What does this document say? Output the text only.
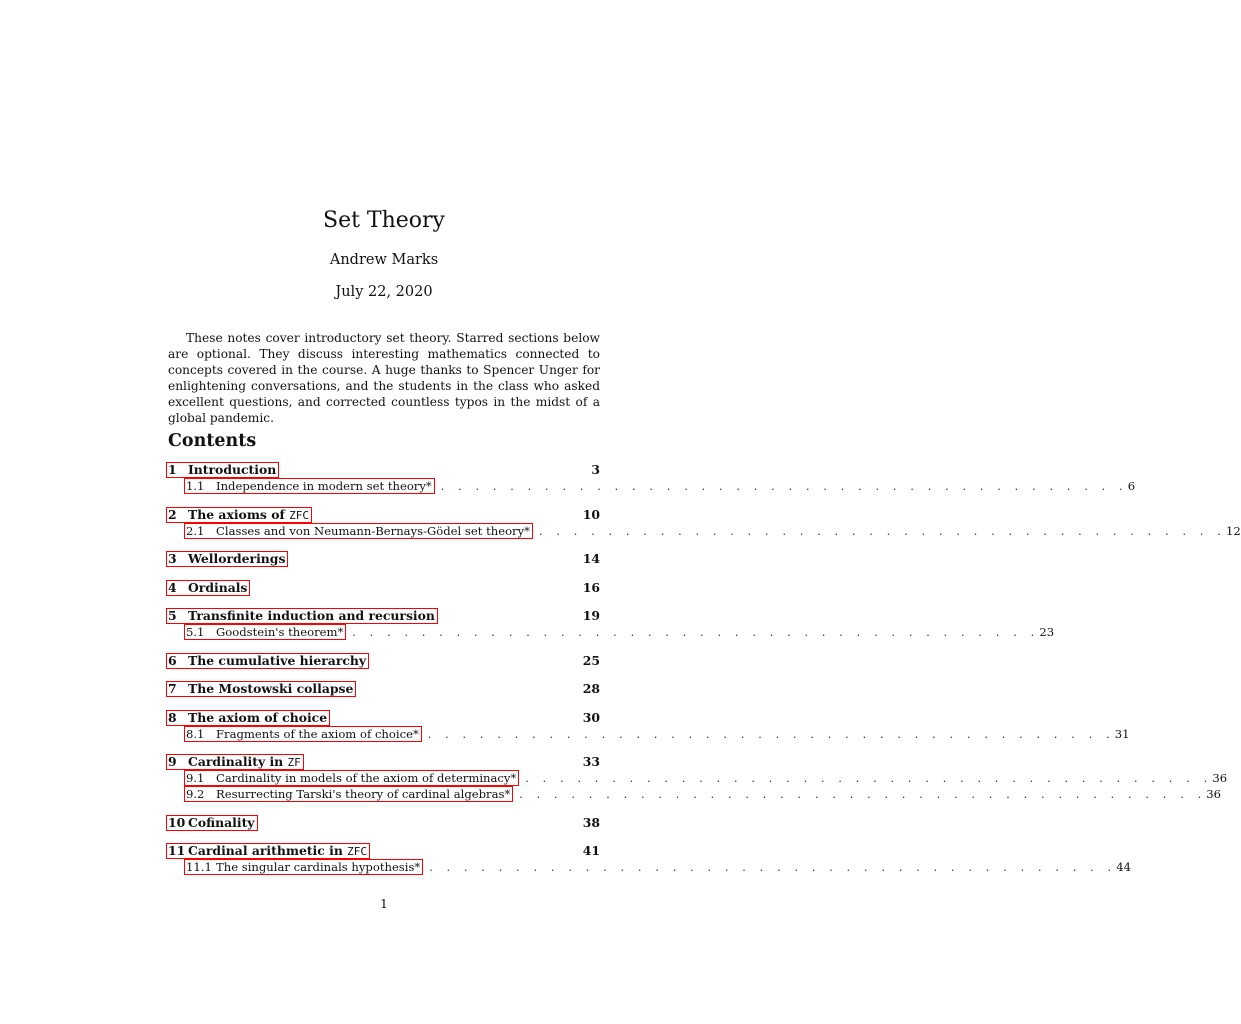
Set Theory
Andrew Marks
July 22, 2020

These notes cover introductory set theory. Starred sections below are optional. They discuss interesting mathematics connected to concepts covered in the course. A huge thanks to Spencer Unger for enlightening conversations, and the students in the class who asked excellent questions, and corrected countless typos in the midst of a global pandemic.

Contents
1 Introduction	3
1.1 Independence in modern set theory* . . . . . . . . . . . . . . . . . . . . . . . . . . . . . . . . . . . . . . . . 6
2 The axioms of ZFC	10
2.1 Classes and von Neumann-Bernays-Gödel set theory* . . . . . . . . . . . . . . . . . . . . . . . . . . . . . . . . . . . . . . . . 12
3 Wellorderings	14
4 Ordinals	16
5 Transfinite induction and recursion	19
5.1 Goodstein's theorem* . . . . . . . . . . . . . . . . . . . . . . . . . . . . . . . . . . . . . . . . 23
6 The cumulative hierarchy	25
7 The Mostowski collapse	28
8 The axiom of choice	30
8.1 Fragments of the axiom of choice* . . . . . . . . . . . . . . . . . . . . . . . . . . . . . . . . . . . . . . . . 31
9 Cardinality in ZF	33
9.1 Cardinality in models of the axiom of determinacy* . . . . . . . . . . . . . . . . . . . . . . . . . . . . . . . . . . . . . . . . 36
9.2 Resurrecting Tarski's theory of cardinal algebras* . . . . . . . . . . . . . . . . . . . . . . . . . . . . . . . . . . . . . . . . 36
10 Cofinality	38
11 Cardinal arithmetic in ZFC	41
11.1 The singular cardinals hypothesis* . . . . . . . . . . . . . . . . . . . . . . . . . . . . . . . . . . . . . . . . 44
1
